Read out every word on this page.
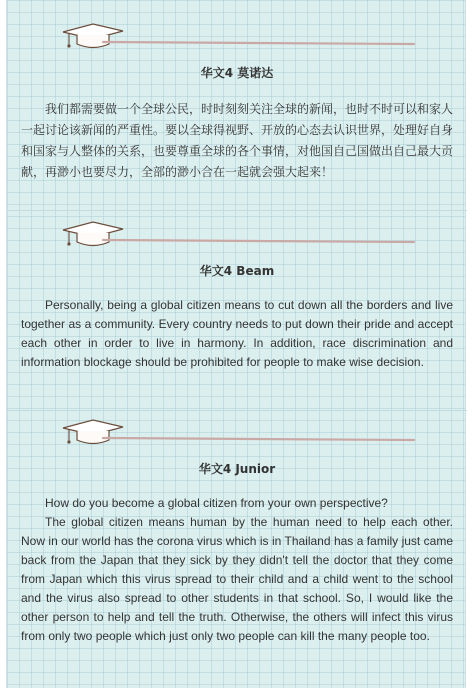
华文4 莫诺达

我们都需要做一个全球公民，时时刻刻关注全球的新闻，也时不时可以和家人一起讨论该新闻的严重性。要以全球得视野、开放的心态去认识世界，处理好自身和国家与人整体的关系，也要尊重全球的各个事情，对他国自己国做出自己最大贡献，再渺小也要尽力，全部的渺小合在一起就会强大起来！

华文4 Beam

Personally, being a global citizen means to cut down all the borders and live together as a community. Every country needs to put down their pride and accept each other in order to live in harmony. In addition, race discrimination and information blockage should be prohibited for people to make wise decision.

华文4 Junior

How do you become a global citizen from your own perspective?

The global citizen means human by the human need to help each other. Now in our world has the corona virus which is in Thailand has a family just came back from the Japan that they sick by they didn't tell the doctor that they come from Japan which this virus spread to their child and a child went to the school and the virus also spread to other students in that school. So, I would like the other person to help and tell the truth. Otherwise, the others will infect this virus from only two people which just only two people can kill the many people too.
